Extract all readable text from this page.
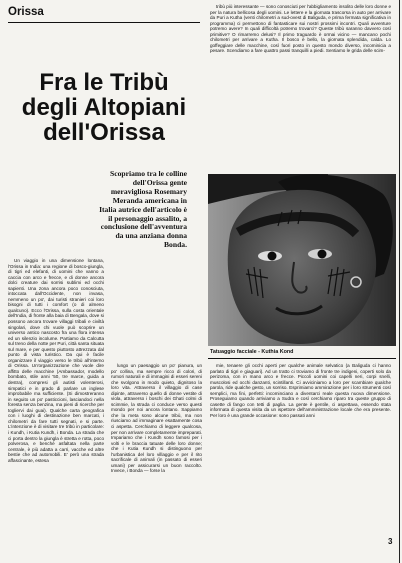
Orissa
Fra le Tribù
degli Altopiani
dell'Orissa

Scopriamo tra le colline dell'Orissa gente meravigliosa Rosemary Meranda americana in Italia autrice dell'articolo è il personaggio assalito, a conclusione dell'avventura da una anziana donna Bonda.

Un viaggio in una dimensione lontana, l'Orissa in India: una regione di bosco-giungla, di tigri ed elefanti, di uomini che vanno a caccia con arco e frecce, e di donne ancora dolci creature dai sorrisi sublimi ed occhi sapienti. Una zona ancora poco conosciuta, intoccata dall'Occidente, non invasa, nemmeno un po', dai turisti stranieri coi loro bisogni di tutti i comfort (o di almeno qualcuno). Ecco l'Orissa, sulla costa orientale dell'India, di fronte alla baia di Bengala, dove si possono ancora trovare villaggi tribali e civiltà singolari, dove chi vuole può scoprire un universo antico nascosto fra una flora intensa ed un silenzio incolume. Partiamo da Calcutta sul treno della notte per Puri, città santa situata sul mare, e per questo piuttosto attrezzata dal punto di vista turistico. Da qui è facile organizzare il viaggio verso le tribù all'interno di Orissa. Un'organizzazione che vuole dire affitto delle macchine (Ambassador, modello bombato, stile anni '50, tre marce, guida a destra), compresi gli autisti volenterosi, simpatici e in grado di parlare un inglese improbabile ma sufficiente. (Si dimostreranno in seguito un po' pasticcioni, lasciandoci nella foresta senza benzina, ma pieni di ricerche per togliervi dai guai). Qualche carta geografica con i luoghi di destinazione ben marcati, i chilometri da fare tutti segnati, e si parte. L'intenzione è di visitare tre tribù in particolare: i Kundh, i Kutia Kundh, i Bonda. La strada che ci porta dentro la giungla è stretta e rotta, poco polverosa, e benché asfaltata nella parte centrale, è più adatta a carri, vacche ed altre bestie che ad automobili. E' però una strada affascinante, estesa
lungo un paesaggio un po' pianura, un po' collina, ma sempre ricco di colori, di rumori naturali e di immagini di esseri sereni che svolgono in modo quieto, dignitoso la loro vita. Attraverso il villaggio di case dipinte, attraverso quello di donne vestite di viola, attraverso i boschi dei Ghati colmi di scimmie, la strada ci conduce verso questi mondo per noi ancora lontano. Sappiamo che la meta sono alcune tribù, ma non riusciamo ad immaginare esattamente cosa ci aspetta. Cerchiamo di leggere qualcosa, per non arrivare completamente impreparati. Impariamo che i Kundh sono famosi per i volti e le braccia tatuate delle loro donne; che i Kutia Kundh si distinguono per l'urbanistica del loro villaggio e per il rito sacrificale di animali (in passato di esseri umani) per assicurarsi un buon raccolto. Invece, i Bonda — forse la
tribù più interessante — sono conosciuti per l'abbigliamento insolito delle loro donne e per la natura bellicosa degli uomini. Le lettere e la giornata trascorsa in auto per arrivare da Puri a Kutha (venti chilometri a sud-ovest di Baliguda, e prima fermata significativa in programma) ci permettono di fantasticare sui nostri prossimi incontri. Quali avventure potremo avere? In quali difficoltà potremo trovarci? Queste tribù saranno davvero così primitive? O rimarremo delusi? Il primo traguardo è ormai vicino — mancano pochi chilometri per arrivare a Kutha. Il bosco è bello, la giornata splendida, calda. Lo goffeggiare delle macchine, così fuori posto in questo mondo diverso, incominicia a pesare. Scendiamo a fare quattro passi tranquilli a piedi. Sentiamo le grida delle scim-
Tatuaggio facciale - Kuthia Kond
mie, tenaere gli occhi aperti per qualche animale selvatico (a Baliguda ci hanno parlato di tigri e giaguari). Ad un tratto ci troviamo di fronte tre indigeni, coperti solo da perizoma, con in mano arco e frecce. Piccoli uomini coi capelli neri, corpi snelli, muscolosi ed occhi danzanti, scintillanti. Ci avviciniamo a loro per scambiare qualche parola, ride qualche gesto, un sorriso. Esprimiamo ammirazione per i loro strumenti così semplici, ma fini, perfetti: incominciano a diventarci reale questa nuova dimensione. Proseguiamo quando arriviamo a Sudra e così cerchiamo riparo tra queste gruppo di casette di fango con tetti di paglia. La gente è gentile, ci aspettava, essendo stata informata di questa visita da un ispettore dell'amministrazione locale che era presente. Per loro è una grande occasione: sono passati anni
3
